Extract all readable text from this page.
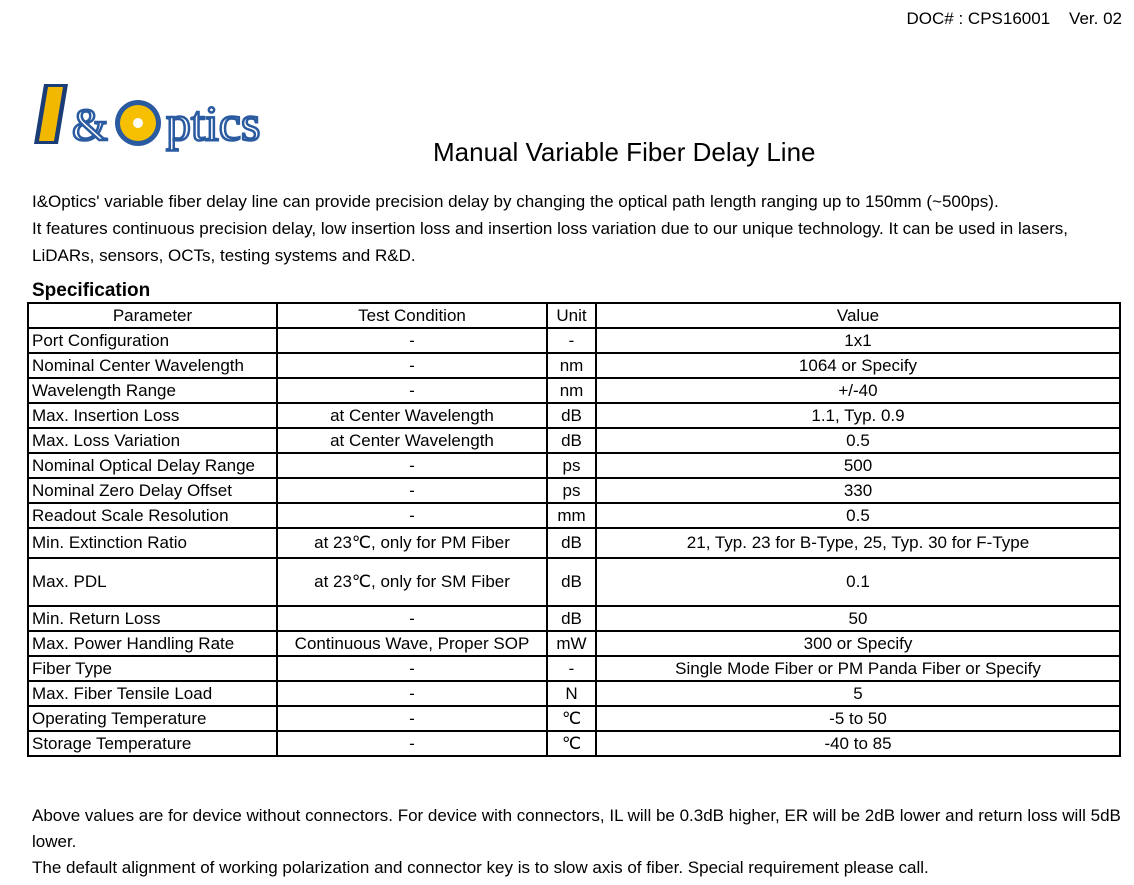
DOC# : CPS16001    Ver. 02
& ptics
Manual Variable Fiber Delay Line
I&Optics' variable fiber delay line can provide precision delay by changing the optical path length ranging up to 150mm (~500ps).
It features continuous precision delay, low insertion loss and insertion loss variation due to our unique technology. It can be used in lasers, LiDARs, sensors, OCTs, testing systems and R&D.
Specification
Parameter	Test Condition	Unit	Value
Port Configuration	-	-	1x1
Nominal Center Wavelength	-	nm	1064 or Specify
Wavelength Range	-	nm	+/-40
Max. Insertion Loss	at Center Wavelength	dB	1.1, Typ. 0.9
Max. Loss Variation	at Center Wavelength	dB	0.5
Nominal Optical Delay Range	-	ps	500
Nominal Zero Delay Offset	-	ps	330
Readout Scale Resolution	-	mm	0.5
Min. Extinction Ratio	at 23℃, only for PM Fiber	dB	21, Typ. 23 for B-Type, 25, Typ. 30 for F-Type
Max. PDL	at 23℃, only for SM Fiber	dB	0.1
Min. Return Loss	-	dB	50
Max. Power Handling Rate	Continuous Wave, Proper SOP	mW	300 or Specify
Fiber Type	-	-	Single Mode Fiber or PM Panda Fiber or Specify
Max. Fiber Tensile Load	-	N	5
Operating Temperature	-	℃	-5 to 50
Storage Temperature	-	℃	-40 to 85

Above values are for device without connectors. For device with connectors, IL will be 0.3dB higher, ER will be 2dB lower and return loss will 5dB lower.

The default alignment of working polarization and connector key is to slow axis of fiber. Special requirement please call.
